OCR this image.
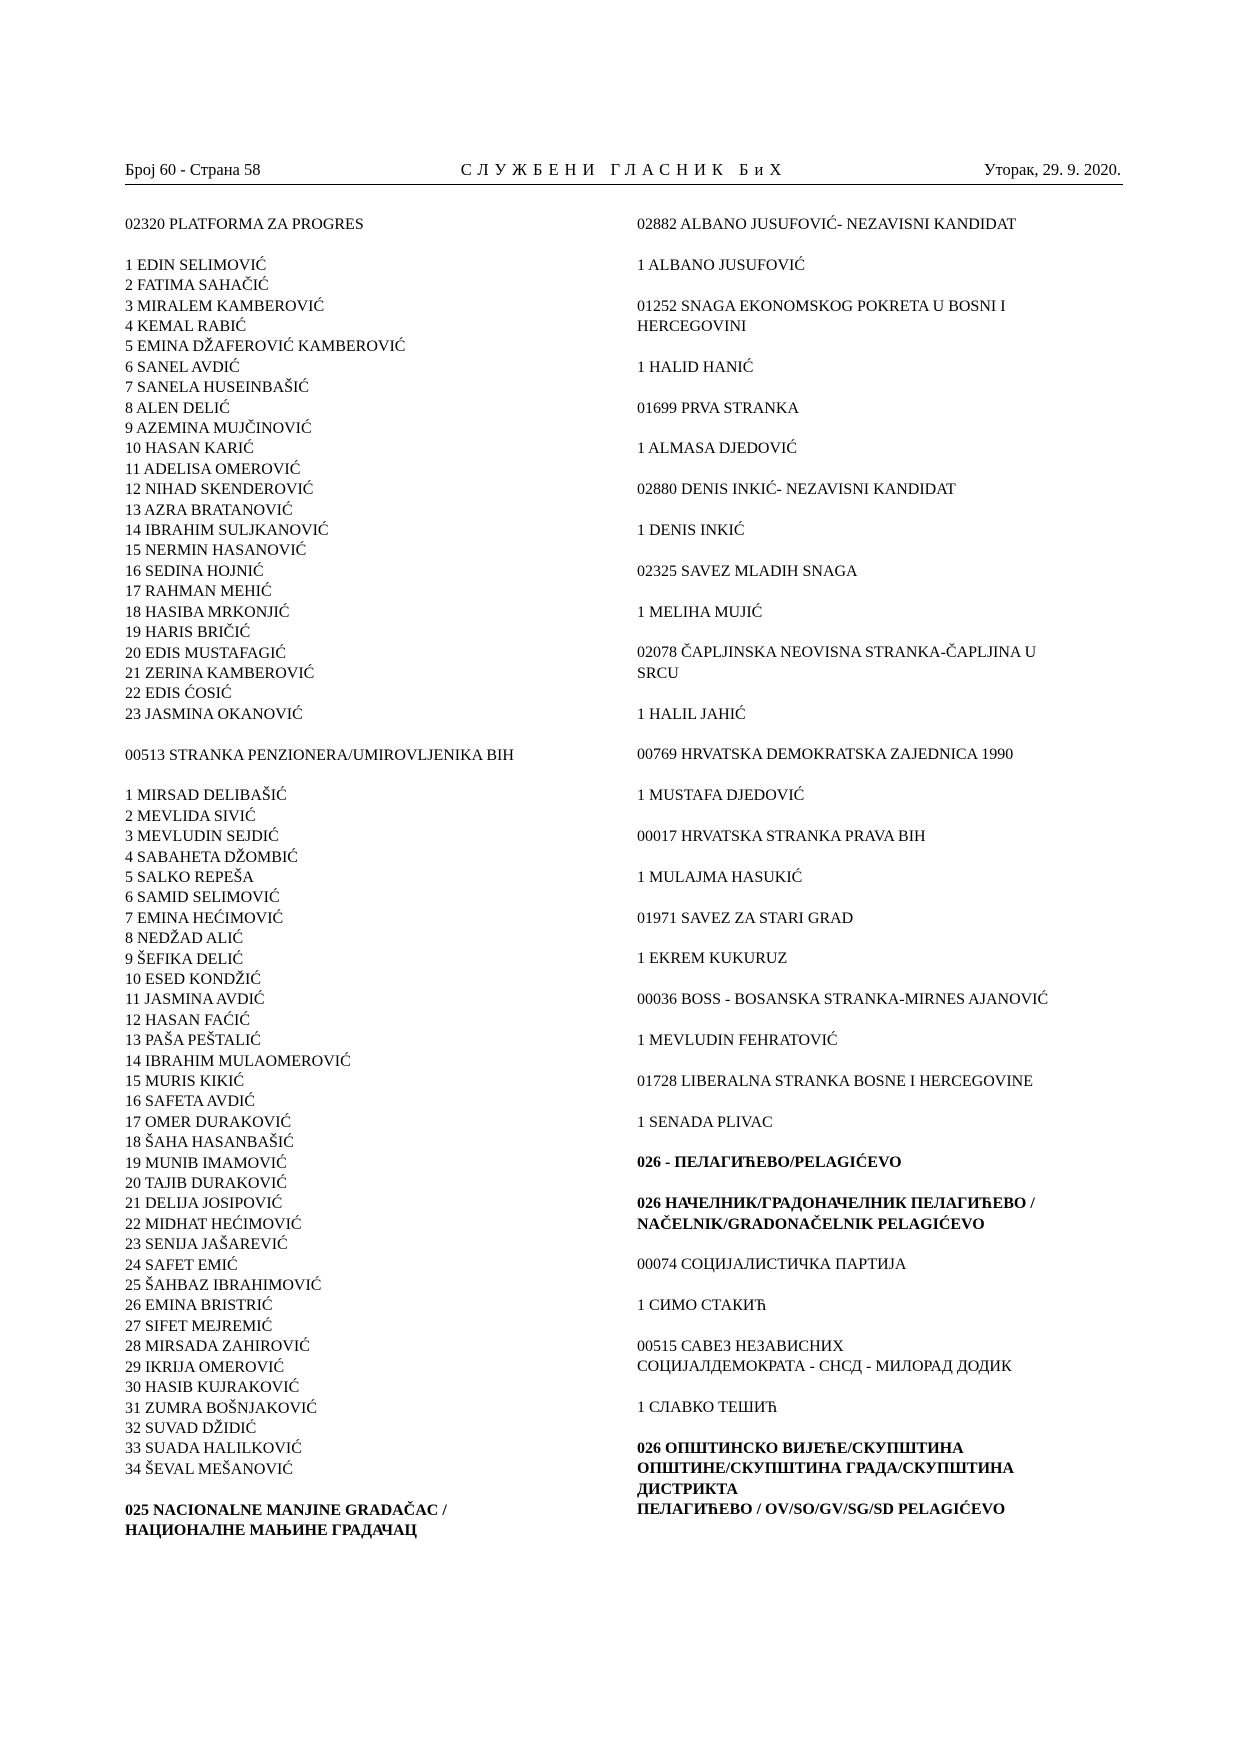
Број 60 - Страна 58	СЛУЖБЕНИ ГЛАСНИК БиХ	Уторак, 29. 9. 2020.
02320 PLATFORMA ZA PROGRES
1 EDIN SELIMOVIĆ
2 FATIMA SAHAČIĆ
3 MIRALEM KAMBEROVIĆ
4 KEMAL RABIĆ
5 EMINA DŽAFEROVIĆ KAMBEROVIĆ
6 SANEL AVDIĆ
7 SANELA HUSEINBAŠIĆ
8 ALEN DELIĆ
9 AZEMINA MUJČINOVIĆ
10 HASAN KARIĆ
11 ADELISA OMEROVIĆ
12 NIHAD SKENDEROVIĆ
13 AZRA BRATANOVIĆ
14 IBRAHIM SULJKANOVIĆ
15 NERMIN HASANOVIĆ
16 SEDINA HOJNIĆ
17 RAHMAN MEHIĆ
18 HASIBA MRKONJIĆ
19 HARIS BRIČIĆ
20 EDIS MUSTAFAGIĆ
21 ZERINA KAMBEROVIĆ
22 EDIS ĆOSIĆ
23 JASMINA OKANOVIĆ
00513 STRANKA PENZIONERA/UMIROVLJENIKA BIH
1 MIRSAD DELIBAŠIĆ
2 MEVLIDA SIVIĆ
3 MEVLUDIN SEJDIĆ
4 SABAHETA DŽOMBIĆ
5 SALKO REPEŠA
6 SAMID SELIMOVIĆ
7 EMINA HEĆIMOVIĆ
8 NEDŽAD ALIĆ
9 ŠEFIKA DELIĆ
10 ESED KONDŽIĆ
11 JASMINA AVDIĆ
12 HASAN FAĆIĆ
13 PAŠA PEŠTALIĆ
14 IBRAHIM MULAOMEROVIĆ
15 MURIS KIKIĆ
16 SAFETA AVDIĆ
17 OMER DURAKOVIĆ
18 ŠAHA HASANBAŠIĆ
19 MUNIB IMAMOVIĆ
20 TAJIB DURAKOVIĆ
21 DELIJA JOSIPOVIĆ
22 MIDHAT HEĆIMOVIĆ
23 SENIJA JAŠAREVIĆ
24 SAFET EMIĆ
25 ŠAHBAZ IBRAHIMOVIĆ
26 EMINA BRISTRIĆ
27 SIFET MEJREMIĆ
28 MIRSADA ZAHIROVIĆ
29 IKRIJA OMEROVIĆ
30 HASIB KUJRAKOVIĆ
31 ZUMRA BOŠNJAKOVIĆ
32 SUVAD DŽIDIĆ
33 SUADA HALILKOVIĆ
34 ŠEVAL MEŠANOVIĆ
025 NACIONALNE MANJINE GRADAČAC /
НАЦИОНАЛНЕ МАЊИНЕ ГРАДАЧАЦ
02882 ALBANO JUSUFOVIĆ- NEZAVISNI KANDIDAT
1 ALBANO JUSUFOVIĆ
01252 SNAGA EKONOMSKOG POKRETA U BOSNI I
HERCEGOVINI
1 HALID HANIĆ
01699 PRVA STRANKA
1 ALMASA DJEDOVIĆ
02880 DENIS INKIĆ- NEZAVISNI KANDIDAT
1 DENIS INKIĆ
02325 SAVEZ MLADIH SNAGA
1 MELIHA MUJIĆ
02078 ČAPLJINSKA NEOVISNA STRANKA-ČAPLJINA U
SRCU
1 HALIL JAHIĆ
00769 HRVATSKA DEMOKRATSKA ZAJEDNICA 1990
1 MUSTAFA DJEDOVIĆ
00017 HRVATSKA STRANKA PRAVA BIH
1 MULAJMA HASUKIĆ
01971 SAVEZ ZA STARI GRAD
1 EKREM KUKURUZ
00036 BOSS - BOSANSKA STRANKA-MIRNES AJANOVIĆ
1 MEVLUDIN FEHRATOVIĆ
01728 LIBERALNA STRANKA BOSNE I HERCEGOVINE
1 SENADA PLIVAC
026 - ПЕЛАГИЋЕВО/PELAGIĆEVO
026 НАЧЕЛНИК/ГРАДОНАЧЕЛНИК ПЕЛАГИЋЕВО /
NAČELNIK/GRADONAČELNIK PELAGIĆEVO
00074 СОЦИЈАЛИСТИЧКА ПАРТИЈА
1 СИМО СТАКИЋ
00515 САВЕЗ НЕЗАВИСНИХ
СОЦИЈАЛДЕМОКРАТА - СНСД - МИЛОРАД ДОДИК
1 СЛАВКО ТЕШИЋ
026 ОПШТИНСКО ВИЈЕЋЕ/СКУПШТИНА
ОПШТИНЕ/СКУПШТИНА ГРАДА/СКУПШТИНА
ДИСТРИКТА
ПЕЛАГИЋЕВО / OV/SO/GV/SG/SD PELAGIĆEVO
